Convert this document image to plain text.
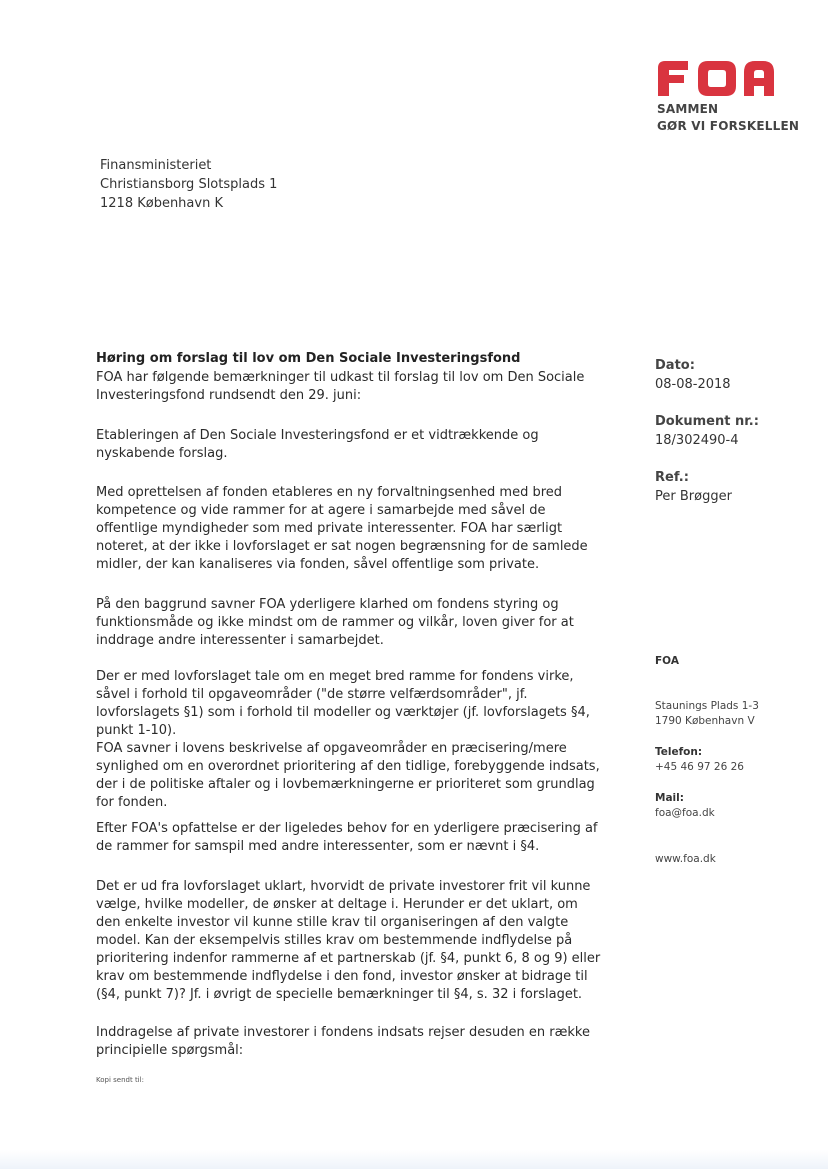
SAMMEN
GØR VI FORSKELLEN
Finansministeriet
Christiansborg Slotsplads 1
1218 København K
Høring om forslag til lov om Den Sociale Investeringsfond

FOA har følgende bemærkninger til udkast til forslag til lov om Den Sociale Investeringsfond rundsendt den 29. juni:

Etableringen af Den Sociale Investeringsfond er et vidtrækkende og nyskabende forslag.

Med oprettelsen af fonden etableres en ny forvaltningsenhed med bred kompetence og vide rammer for at agere i samarbejde med såvel de offentlige myndigheder som med private interessenter. FOA har særligt noteret, at der ikke i lovforslaget er sat nogen begrænsning for de samlede midler, der kan kanaliseres via fonden, såvel offentlige som private.

På den baggrund savner FOA yderligere klarhed om fondens styring og funktionsmåde og ikke mindst om de rammer og vilkår, loven giver for at inddrage andre interessenter i samarbejdet.

Der er med lovforslaget tale om en meget bred ramme for fondens virke, såvel i forhold til opgaveområder ("de større velfærdsområder", jf. lovforslagets §1) som i forhold til modeller og værktøjer (jf. lovforslagets §4, punkt 1-10).

FOA savner i lovens beskrivelse af opgaveområder en præcisering/mere synlighed om en overordnet prioritering af den tidlige, forebyggende indsats, der i de politiske aftaler og i lovbemærkningerne er prioriteret som grundlag for fonden.

Efter FOA's opfattelse er der ligeledes behov for en yderligere præcisering af de rammer for samspil med andre interessenter, som er nævnt i §4.

Det er ud fra lovforslaget uklart, hvorvidt de private investorer frit vil kunne vælge, hvilke modeller, de ønsker at deltage i. Herunder er det uklart, om den enkelte investor vil kunne stille krav til organiseringen af den valgte model. Kan der eksempelvis stilles krav om bestemmende indflydelse på prioritering indenfor rammerne af et partnerskab (jf. §4, punkt 6, 8 og 9) eller krav om bestemmende indflydelse i den fond, investor ønsker at bidrage til (§4, punkt 7)? Jf. i øvrigt de specielle bemærkninger til §4, s. 32 i forslaget.

Inddragelse af private investorer i fondens indsats rejser desuden en række principielle spørgsmål:

Kopi sendt til:
Dato:
08-08-2018
Dokument nr.:
18/302490-4
Ref.:
Per Brøgger
FOA
Staunings Plads 1-3
1790 København V
Telefon:
+45 46 97 26 26
Mail:
foa@foa.dk
www.foa.dk
